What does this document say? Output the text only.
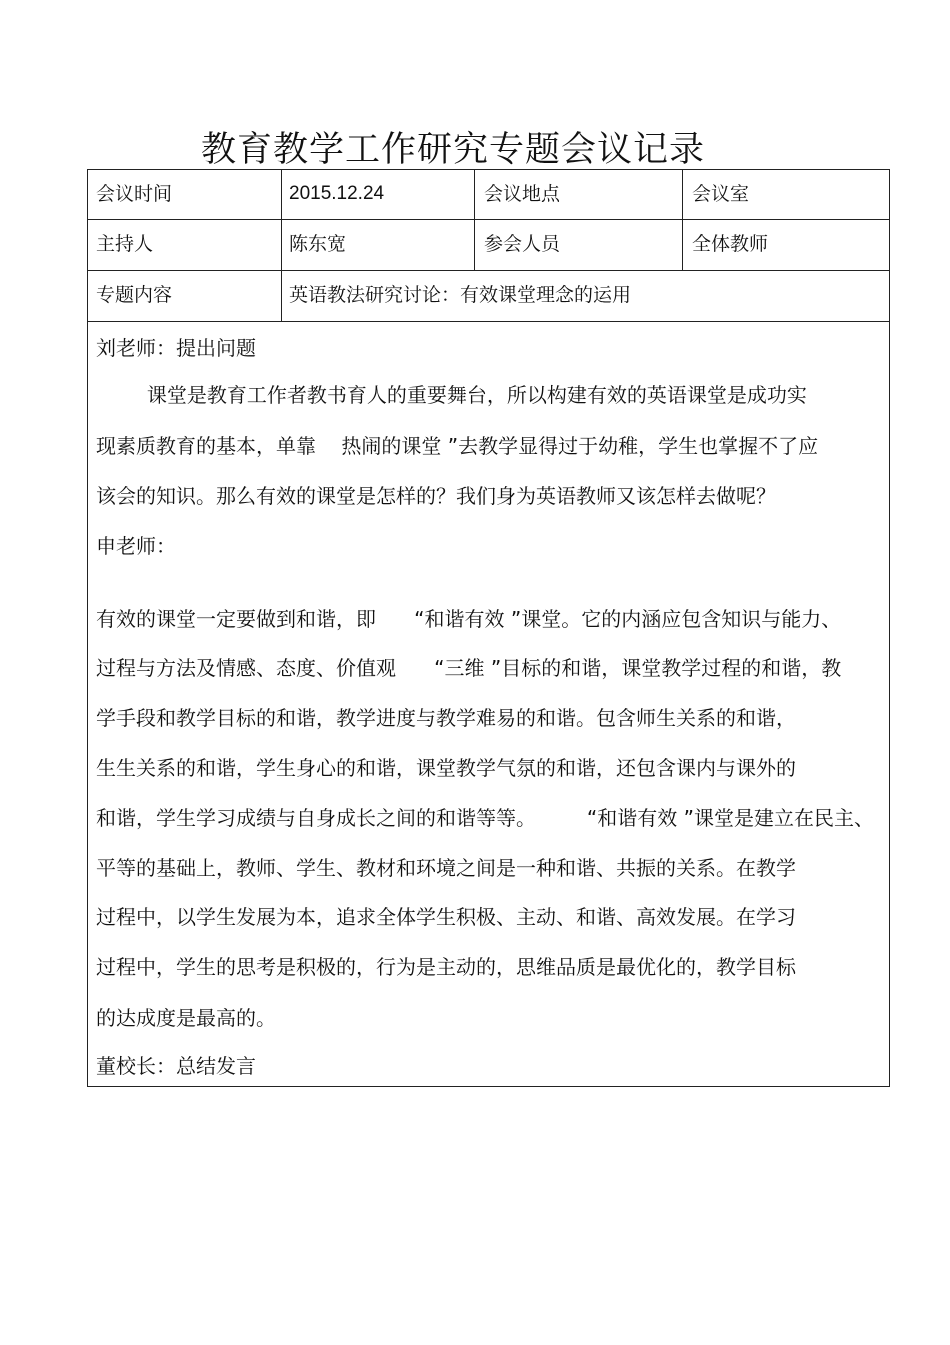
教育教学工作研究专题会议记录
会议时间	2015.12.24	会议地点	会议室
主持人	陈东宽	参会人员	全体教师
专题内容	英语教法研究讨论：有效课堂理念的运用
刘老师：提出问题
课堂是教育工作者教书育人的重要舞台，所以构建有效的英语课堂是成功实
现素质教育的基本，单靠    热闹的课堂 ”去教学显得过于幼稚，学生也掌握不了应
该会的知识。那么有效的课堂是怎样的？我们身为英语教师又该怎样去做呢？
申老师：
有效的课堂一定要做到和谐，即      “和谐有效 ”课堂。它的内涵应包含知识与能力、
过程与方法及情感、态度、价值观      “三维 ”目标的和谐，课堂教学过程的和谐，教
学手段和教学目标的和谐，教学进度与教学难易的和谐。包含师生关系的和谐，
生生关系的和谐，学生身心的和谐，课堂教学气氛的和谐，还包含课内与课外的
和谐，学生学习成绩与自身成长之间的和谐等等。        “和谐有效 ”课堂是建立在民主、
平等的基础上，教师、学生、教材和环境之间是一种和谐、共振的关系。在教学
过程中，以学生发展为本，追求全体学生积极、主动、和谐、高效发展。在学习
过程中，学生的思考是积极的，行为是主动的，思维品质是最优化的，教学目标
的达成度是最高的。
董校长：总结发言
